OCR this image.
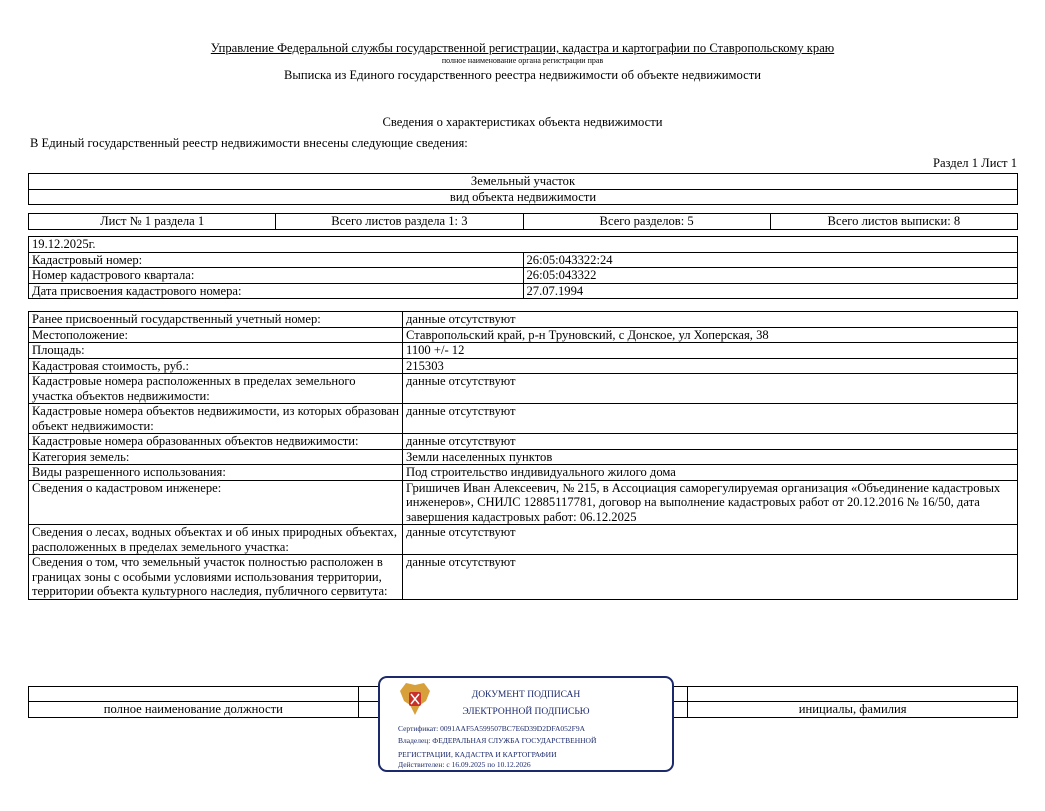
Управление Федеральной службы государственной регистрации, кадастра и картографии по Ставропольскому краю
полное наименование органа регистрации прав
Выписка из Единого государственного реестра недвижимости об объекте недвижимости
Сведения о характеристиках объекта недвижимости
В Единый государственный реестр недвижимости внесены следующие сведения:
Раздел 1 Лист 1
Земельный участок
вид объекта недвижимости
Лист № 1 раздела 1	Всего листов раздела 1: 3	Всего разделов: 5	Всего листов выписки: 8
19.12.2025г.	
Кадастровый номер:	26:05:043322:24
Номер кадастрового квартала:	26:05:043322
Дата присвоения кадастрового номера:	27.07.1994
Ранее присвоенный государственный учетный номер:	данные отсутствуют
Местоположение:	Ставропольский край, р-н Труновский, с Донское, ул Хоперская, 38
Площадь:	1100 +/- 12
Кадастровая стоимость, руб.:	215303
Кадастровые номера расположенных в пределах земельного участка объектов недвижимости:	данные отсутствуют
Кадастровые номера объектов недвижимости, из которых образован объект недвижимости:	данные отсутствуют
Кадастровые номера образованных объектов недвижимости:	данные отсутствуют
Категория земель:	Земли населенных пунктов
Виды разрешенного использования:	Под строительство индивидуального жилого дома
Сведения о кадастровом инженере:	Гришичев Иван Алексеевич, № 215, в Ассоциация саморегулируемая организация «Объединение кадастровых инженеров», СНИЛС 12885117781, договор на выполнение кадастровых работ от 20.12.2016 № 16/50, дата завершения кадастровых работ: 06.12.2025
Сведения о лесах, водных объектах и об иных природных объектах, расположенных в пределах земельного участка:	данные отсутствуют
Сведения о том, что земельный участок полностью расположен в границах зоны с особыми условиями использования территории, территории объекта культурного наследия, публичного сервитута:	данные отсутствуют

полное наименование должности		инициалы, фамилия
ДОКУМЕНТ ПОДПИСАН
ЭЛЕКТРОННОЙ ПОДПИСЬЮ
Сертификат: 0091AAF5A599507BC7E6D39D2DFA052F9A
Владелец: ФЕДЕРАЛЬНАЯ СЛУЖБА ГОСУДАРСТВЕННОЙ
РЕГИСТРАЦИИ, КАДАСТРА И КАРТОГРАФИИ
Действителен: с 16.09.2025 по 10.12.2026
